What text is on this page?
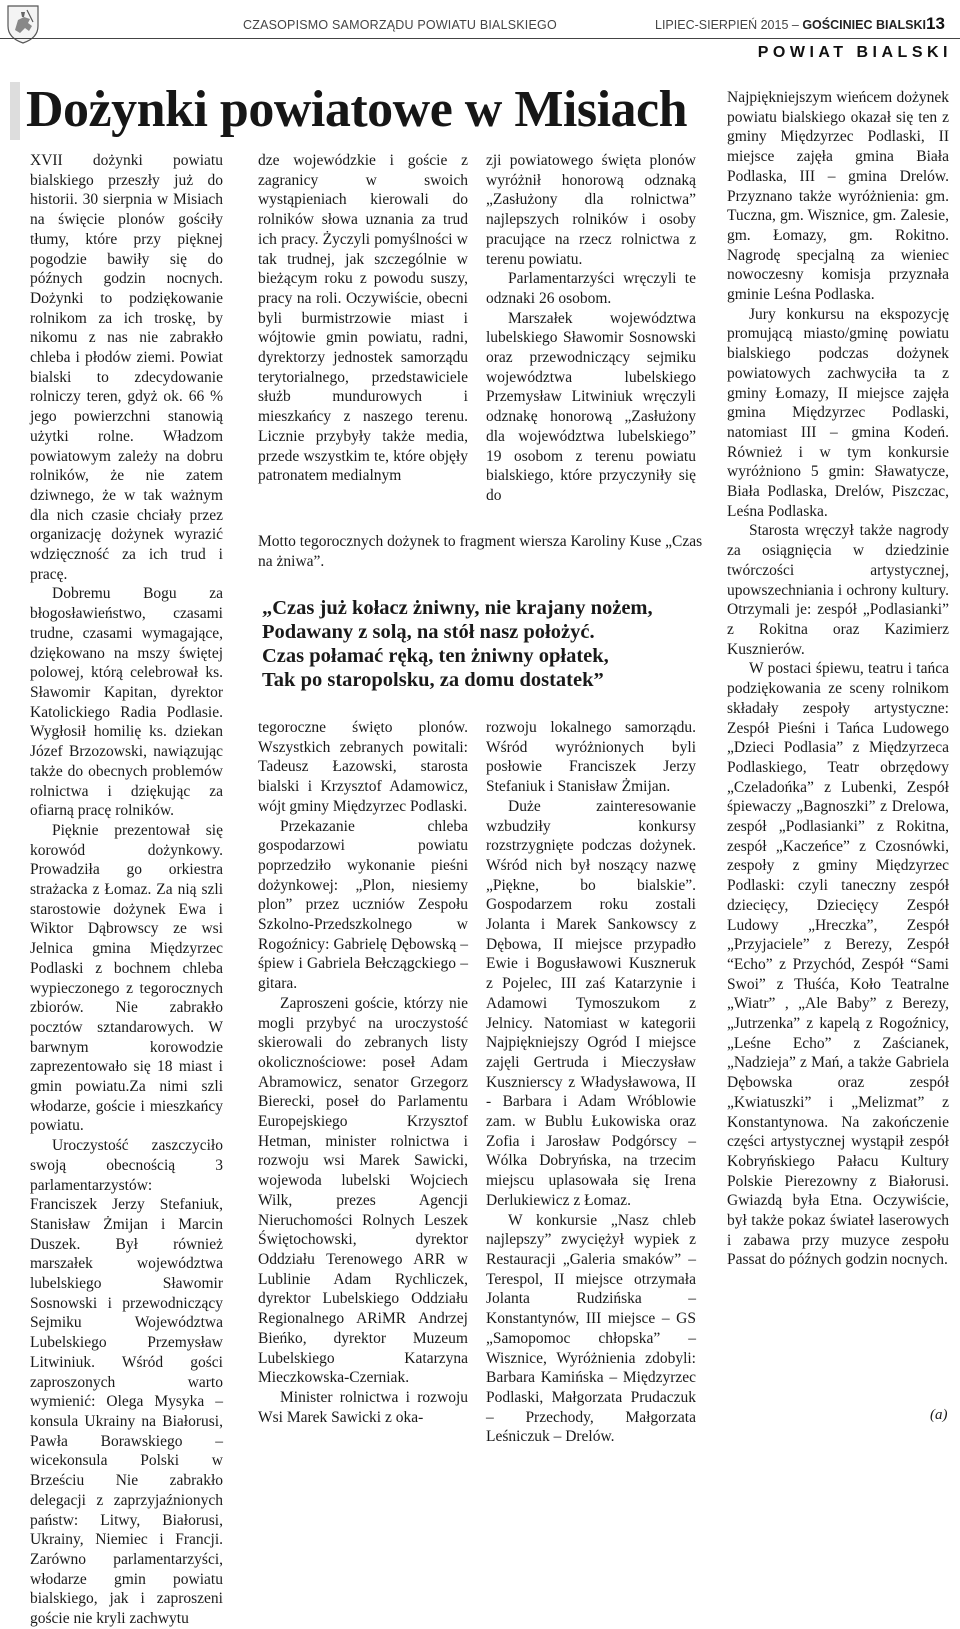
CZASOPISMO SAMORZĄDU POWIATU BIALSKIEGO	LIPIEC-SIERPIEŃ 2015 – GOŚCINIEC BIALSKI 13
POWIAT BIALSKI
Dożynki powiatowe w Misiach

XVII dożynki powiatu bialskiego przeszły już do historii. 30 sierpnia w Misiach na święcie plonów gościły tłumy, które przy pięknej pogodzie bawiły się do późnych godzin nocnych. Dożynki to podziękowanie rolnikom za ich troskę, by nikomu z nas nie zabrakło chleba i płodów ziemi. Powiat bialski to zdecydowanie rolniczy teren, gdyż ok. 66 % jego powierzchni stanowią użytki rolne. Władzom powiatowym zależy na dobru rolników, że nie zatem dziwnego, że w tak ważnym dla nich czasie chciały przez organizację dożynek wyrazić wdzięczność za ich trud i pracę.

Dobremu Bogu za błogosławieństwo, czasami trudne, czasami wymagające, dziękowano na mszy świętej polowej, którą celebrował ks. Sławomir Kapitan, dyrektor Katolickiego Radia Podlasie. Wygłosił homilię ks. dziekan Józef Brzozowski, nawiązując także do obecnych problemów rolnictwa i dziękując za ofiarną pracę rolników.

Pięknie prezentował się korowód dożynkowy. Prowadziła go orkiestra strażacka z Łomaz. Za nią szli starostowie dożynek Ewa i Wiktor Dąbrowscy ze wsi Jelnica gmina Międzyrzec Podlaski z bochnem chleba wypieczonego z tegorocznych zbiorów. Nie zabrakło pocztów sztandarowych. W barwnym korowodzie zaprezentowało się 18 miast i gmin powiatu.Za nimi szli włodarze, goście i mieszkańcy powiatu.

Uroczystość zaszczyciło swoją obecnością 3 parlamentarzystów: Franciszek Jerzy Stefaniuk, Stanisław Żmijan i Marcin Duszek. Był również marszałek województwa lubelskiego Sławomir Sosnowski i przewodniczący Sejmiku Województwa Lubelskiego Przemysław Litwiniuk. Wśród gości zaproszonych warto wymienić: Olega Mysyka – konsula Ukrainy na Białorusi, Pawła Borawskiego – wicekonsula Polski w Brześciu Nie zabrakło delegacji z zaprzyjaźnionych państw: Litwy, Białorusi, Ukrainy, Niemiec i Francji. Zarówno parlamentarzyści, włodarze gmin powiatu bialskiego, jak i zaproszeni goście nie kryli zachwytu

dze wojewódzkie i goście z zagranicy w swoich wystąpieniach kierowali do rolników słowa uznania za trud ich pracy. Życzyli pomyślności w tak trudnej, jak szczególnie w bieżącym roku z powodu suszy, pracy na roli. Oczywiście, obecni byli burmistrzowie miast i wójtowie gmin powiatu, radni, dyrektorzy jednostek samorządu terytorialnego, przedstawiciele służb mundurowych i mieszkańcy z naszego terenu. Licznie przybyły także media, przede wszystkim te, które objęły patronatem medialnym

zji powiatowego święta plonów wyróżnił honorową odznaką „Zasłużony dla rolnictwa” najlepszych rolników i osoby pracujące na rzecz rolnictwa z terenu powiatu.

Parlamentarzyści wręczyli te odznaki 26 osobom.

Marszałek województwa lubelskiego Sławomir Sosnowski oraz przewodniczący sejmiku województwa lubelskiego Przemysław Litwiniuk wręczyli odznakę honorową „Zasłużony dla województwa lubelskiego” 19 osobom z terenu powiatu bialskiego, które przyczyniły się do

Motto tegorocznych dożynek to fragment wiersza Karoliny Kuse „Czas na żniwa”.
„Czas już kołacz żniwny, nie krajany nożem,
Podawany z solą, na stół nasz położyć.
Czas połamać ręką, ten żniwny opłatek,
Tak po staropolsku, za domu dostatek”

tegoroczne święto plonów. Wszystkich zebranych powitali: Tadeusz Łazowski, starosta bialski i Krzysztof Adamowicz, wójt gminy Międzyrzec Podlaski.

Przekazanie chleba gospodarzowi powiatu poprzedziło wykonanie pieśni dożynkowej: „Plon, niesiemy plon” przez uczniów Zespołu Szkolno-Przedszkolnego w Rogoźnicy: Gabrielę Dębowską – śpiew i Gabriela Bełczągckiego – gitara.

Zaproszeni goście, którzy nie mogli przybyć na uroczystość skierowali do zebranych listy okolicznościowe: poseł Adam Abramowicz, senator Grzegorz Bierecki, poseł do Parlamentu Europejskiego Krzysztof Hetman, minister rolnictwa i rozwoju wsi Marek Sawicki, wojewoda lubelski Wojciech Wilk, prezes Agencji Nieruchomości Rolnych Leszek Świętochowski, dyrektor Oddziału Terenowego ARR w Lublinie Adam Rychliczek, dyrektor Lubelskiego Oddziału Regionalnego ARiMR Andrzej Bieńko, dyrektor Muzeum Lubelskiego Katarzyna Mieczkowska-Czerniak.

Minister rolnictwa i rozwoju Wsi Marek Sawicki z oka-

rozwoju lokalnego samorządu. Wśród wyróżnionych byli posłowie Franciszek Jerzy Stefaniuk i Stanisław Żmijan.

Duże zainteresowanie wzbudziły konkursy rozstrzygnięte podczas dożynek. Wśród nich był noszący nazwę „Piękne, bo bialskie”. Gospodarzem roku zostali Jolanta i Marek Sankowscy z Dębowa, II miejsce przypadło Ewie i Bogusławowi Kuszneruk z Pojelec, III zaś Katarzynie i Adamowi Tymoszukom z Jelnicy. Natomiast w kategorii Najpiękniejszy Ogród I miejsce zajęli Gertruda i Mieczysław Kusznierscy z Władysławowa, II - Barbara i Adam Wróblowie zam. w Bublu Łukowiska oraz Zofia i Jarosław Podgórscy – Wólka Dobryńska, na trzecim miejscu uplasowała się Irena Derlukiewicz z Łomaz.

W konkursie „Nasz chleb najlepszy” zwyciężył wypiek z Restauracji „Galeria smaków” – Terespol, II miejsce otrzymała Jolanta Rudzińska – Konstantynów, III miejsce – GS „Samopomoc chłopska” – Wisznice, Wyróżnienia zdobyli: Barbara Kamińska – Międzyrzec Podlaski, Małgorzata Prudaczuk – Przechody, Małgorzata Leśniczuk – Drelów.

Najpiękniejszym wieńcem dożynek powiatu bialskiego okazał się ten z gminy Międzyrzec Podlaski, II miejsce zajęła gmina Biała Podlaska, III – gmina Drelów. Przyznano także wyróżnienia: gm. Tuczna, gm. Wisznice, gm. Zalesie, gm. Łomazy, gm. Rokitno. Nagrodę specjalną za wieniec nowoczesny komisja przyznała gminie Leśna Podlaska.

Jury konkursu na ekspozycję promującą miasto/gminę powiatu bialskiego podczas dożynek powiatowych zachwyciła ta z gminy Łomazy, II miejsce zajęła gmina Międzyrzec Podlaski, natomiast III – gmina Kodeń. Również i w tym konkursie wyróżniono 5 gmin: Sławatycze, Biała Podlaska, Drelów, Piszczac, Leśna Podlaska.

Starosta wręczył także nagrody za osiągnięcia w dziedzinie twórczości artystycznej, upowszechniania i ochrony kultury. Otrzymali je: zespół „Podlasianki” z Rokitna oraz Kazimierz Kusznierów.

W postaci śpiewu, teatru i tańca podziękowania ze sceny rolnikom składały zespoły artystyczne: Zespół Pieśni i Tańca Ludowego „Dzieci Podlasia” z Międzyrzeca Podlaskiego, Teatr obrzędowy „Czeladońka” z Lubenki, Zespół śpiewaczy „Bagnoszki” z Drelowa, zespół „Podlasianki” z Rokitna, zespół „Kaczeńce” z Czosnówki, zespoły z gminy Międzyrzec Podlaski: czyli taneczny zespół dziecięcy, Dziecięcy Zespół Ludowy „Hreczka”, Zespół „Przyjaciele” z Berezy, Zespół “Echo” z Przychód, Zespół “Sami Swoi” z Tłuśća, Koło Teatralne „Wiatr” , „Ale Baby” z Berezy, „Jutrzenka” z kapelą z Rogoźnicy, „Leśne Echo” z Zaścianek, „Nadzieja” z Mań, a także Gabriela Dębowska oraz zespół „Kwiatuszki” i „Melizmat” z Konstantynowa. Na zakończenie części artystycznej wystąpił zespół Kobryńskiego Pałacu Kultury Polskie Pierezowny z Białorusi. Gwiazdą była Etna. Oczywiście, był także pokaz świateł laserowych i zabawa przy muzyce zespołu Passat do późnych godzin nocnych.

(a)
